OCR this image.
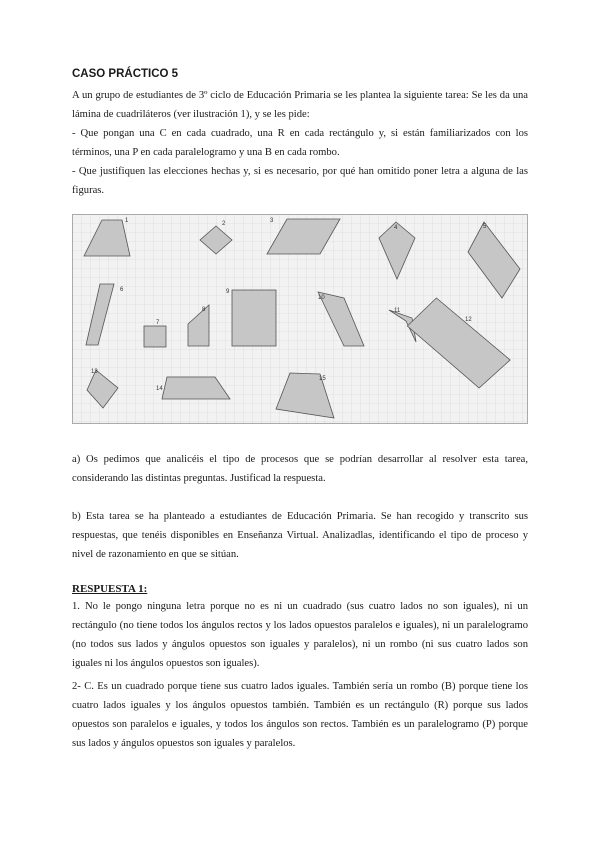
CASO PRÁCTICO 5

A un grupo de estudiantes de 3º ciclo de Educación Primaria se les plantea la siguiente tarea: Se les da una lámina de cuadriláteros (ver ilustración 1), y se les pide:

- Que pongan una C en cada cuadrado, una R en cada rectángulo y, si están familiarizados con los términos, una P en cada paralelogramo y una B en cada rombo.

- Que justifiquen las elecciones hechas y, si es necesario, por qué han omitido poner letra a alguna de las figuras.

1	2	3
4	5
6
7
8
9
10
11
12
13
14
15

a) Os pedimos que analicéis el tipo de procesos que se podrían desarrollar al resolver esta tarea, considerando las distintas preguntas. Justificad la respuesta.

b) Esta tarea se ha planteado a estudiantes de Educación Primaria. Se han recogido y transcrito sus respuestas, que tenéis disponibles en Enseñanza Virtual. Analizadlas, identificando el tipo de proceso y nivel de razonamiento en que se sitúan.

RESPUESTA 1:

1. No le pongo ninguna letra porque no es ni un cuadrado (sus cuatro lados no son iguales), ni un rectángulo (no tiene todos los ángulos rectos y los lados opuestos paralelos e iguales), ni un paralelogramo (no todos sus lados y ángulos opuestos son iguales y paralelos), ni un rombo (ni sus cuatro lados son iguales ni los ángulos opuestos son iguales).

2- C. Es un cuadrado porque tiene sus cuatro lados iguales. También sería un rombo (B) porque tiene los cuatro lados iguales y los ángulos opuestos también. También es un rectángulo (R) porque sus lados opuestos son paralelos e iguales, y todos los ángulos son rectos. También es un paralelogramo (P) porque sus lados y ángulos opuestos son iguales y paralelos.
